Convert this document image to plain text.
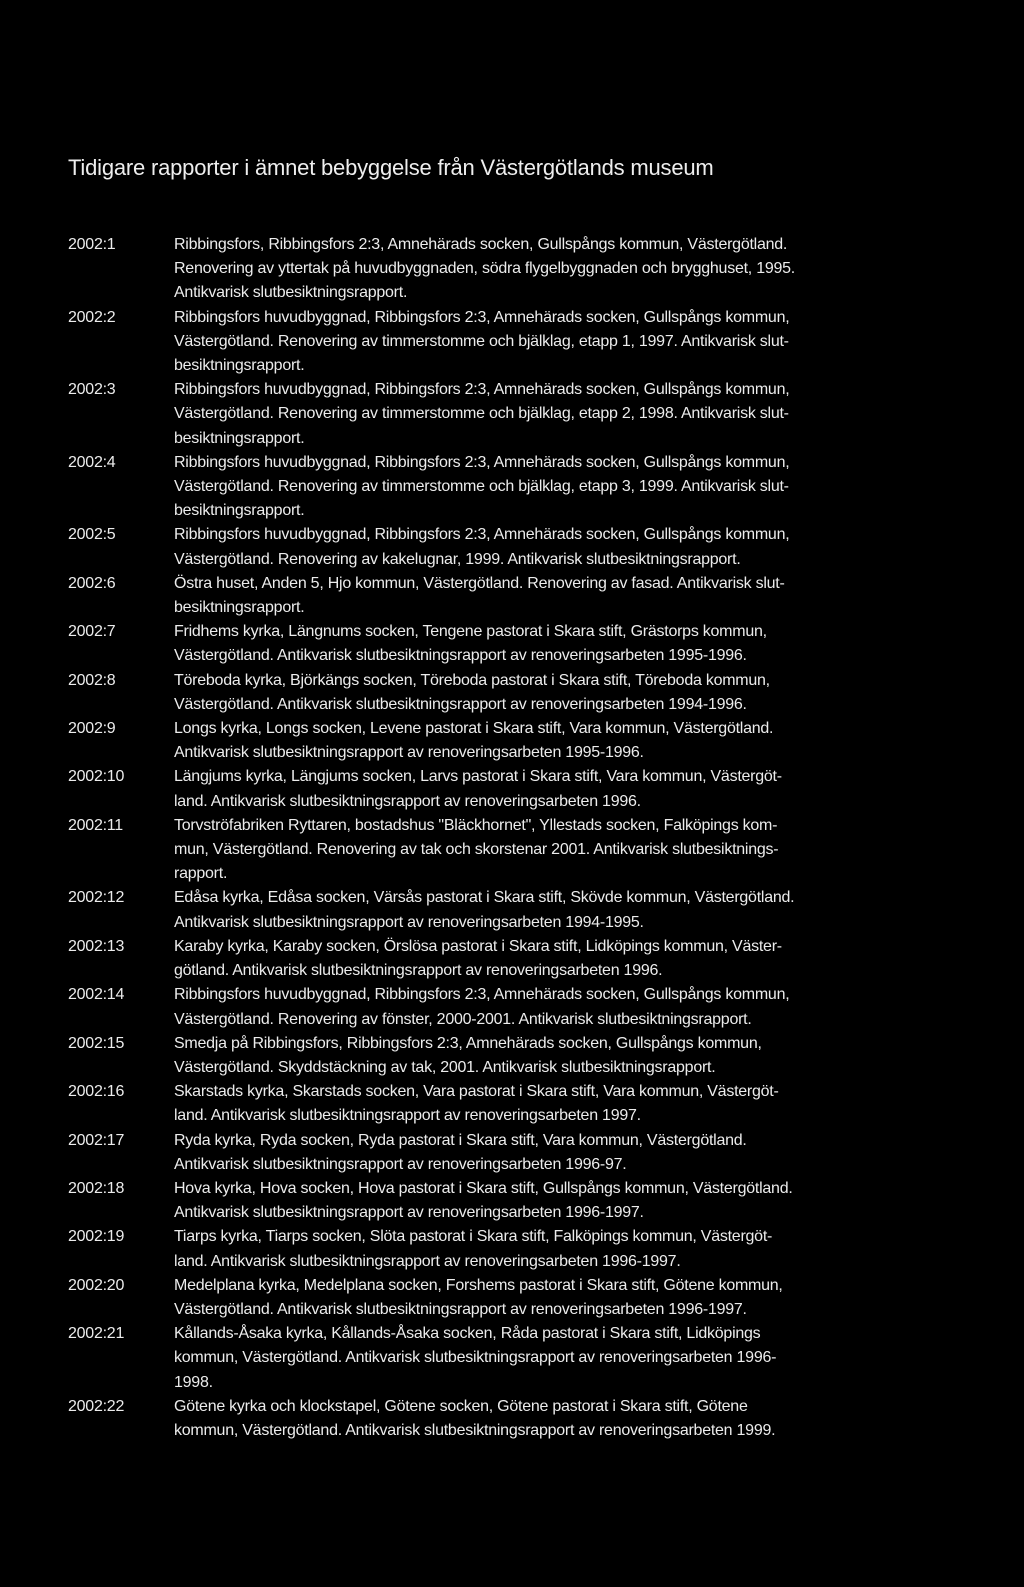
Tidigare rapporter i ämnet bebyggelse från Västergötlands museum
2002:1	Ribbingsfors, Ribbingsfors 2:3, Amnehärads socken, Gullspångs kommun, Västergötland.
Renovering av yttertak på huvudbyggnaden, södra flygelbyggnaden och brygghuset, 1995.
Antikvarisk slutbesiktningsrapport.
2002:2	Ribbingsfors huvudbyggnad, Ribbingsfors 2:3, Amnehärads socken, Gullspångs kommun,
Västergötland. Renovering av timmerstomme och bjälklag, etapp 1, 1997. Antikvarisk slut-
besiktningsrapport.
2002:3	Ribbingsfors huvudbyggnad, Ribbingsfors 2:3, Amnehärads socken, Gullspångs kommun,
Västergötland. Renovering av timmerstomme och bjälklag, etapp 2, 1998. Antikvarisk slut-
besiktningsrapport.
2002:4	Ribbingsfors huvudbyggnad, Ribbingsfors 2:3, Amnehärads socken, Gullspångs kommun,
Västergötland. Renovering av timmerstomme och bjälklag, etapp 3, 1999. Antikvarisk slut-
besiktningsrapport.
2002:5	Ribbingsfors huvudbyggnad, Ribbingsfors 2:3, Amnehärads socken, Gullspångs kommun,
Västergötland. Renovering av kakelugnar, 1999. Antikvarisk slutbesiktningsrapport.
2002:6	Östra huset, Anden 5, Hjo kommun, Västergötland. Renovering av fasad. Antikvarisk slut-
besiktningsrapport.
2002:7	Fridhems kyrka, Längnums socken, Tengene pastorat i Skara stift, Grästorps kommun,
Västergötland. Antikvarisk slutbesiktningsrapport av renoveringsarbeten 1995-1996.
2002:8	Töreboda kyrka, Björkängs socken, Töreboda pastorat i Skara stift, Töreboda kommun,
Västergötland. Antikvarisk slutbesiktningsrapport av renoveringsarbeten 1994-1996.
2002:9	Longs kyrka, Longs socken, Levene pastorat i Skara stift, Vara kommun, Västergötland.
Antikvarisk slutbesiktningsrapport av renoveringsarbeten 1995-1996.
2002:10	Längjums kyrka, Längjums socken, Larvs pastorat i Skara stift, Vara kommun, Västergöt-
land. Antikvarisk slutbesiktningsrapport av renoveringsarbeten 1996.
2002:11	Torvströfabriken Ryttaren, bostadshus "Bläckhornet", Yllestads socken, Falköpings kom-
mun, Västergötland. Renovering av tak och skorstenar 2001. Antikvarisk slutbesiktnings-
rapport.
2002:12	Edåsa kyrka, Edåsa socken, Värsås pastorat i Skara stift, Skövde kommun, Västergötland.
Antikvarisk slutbesiktningsrapport av renoveringsarbeten 1994-1995.
2002:13	Karaby kyrka, Karaby socken, Örslösa pastorat i Skara stift, Lidköpings kommun, Väster-
götland. Antikvarisk slutbesiktningsrapport av renoveringsarbeten 1996.
2002:14	Ribbingsfors huvudbyggnad, Ribbingsfors 2:3, Amnehärads socken, Gullspångs kommun,
Västergötland. Renovering av fönster, 2000-2001. Antikvarisk slutbesiktningsrapport.
2002:15	Smedja på Ribbingsfors, Ribbingsfors 2:3, Amnehärads socken, Gullspångs kommun,
Västergötland. Skyddstäckning av tak, 2001. Antikvarisk slutbesiktningsrapport.
2002:16	Skarstads kyrka, Skarstads socken, Vara pastorat i Skara stift, Vara kommun, Västergöt-
land. Antikvarisk slutbesiktningsrapport av renoveringsarbeten 1997.
2002:17	Ryda kyrka, Ryda socken, Ryda pastorat i Skara stift, Vara kommun, Västergötland.
Antikvarisk slutbesiktningsrapport av renoveringsarbeten 1996-97.
2002:18	Hova kyrka, Hova socken, Hova pastorat i Skara stift, Gullspångs kommun, Västergötland.
Antikvarisk slutbesiktningsrapport av renoveringsarbeten 1996-1997.
2002:19	Tiarps kyrka, Tiarps socken, Slöta pastorat i Skara stift, Falköpings kommun, Västergöt-
land. Antikvarisk slutbesiktningsrapport av renoveringsarbeten 1996-1997.
2002:20	Medelplana kyrka, Medelplana socken, Forshems pastorat i Skara stift, Götene kommun,
Västergötland. Antikvarisk slutbesiktningsrapport av renoveringsarbeten 1996-1997.
2002:21	Kållands-Åsaka kyrka, Kållands-Åsaka socken, Råda pastorat i Skara stift, Lidköpings
kommun, Västergötland. Antikvarisk slutbesiktningsrapport av renoveringsarbeten 1996-
1998.
2002:22	Götene kyrka och klockstapel, Götene socken, Götene pastorat i Skara stift, Götene
kommun, Västergötland. Antikvarisk slutbesiktningsrapport av renoveringsarbeten 1999.
